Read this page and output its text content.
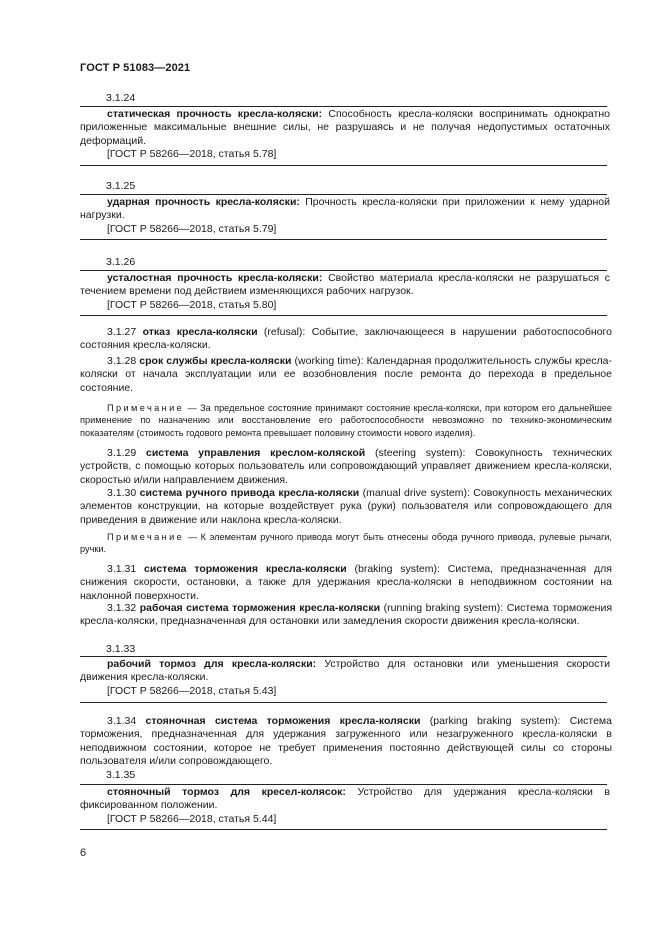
ГОСТ Р 51083—2021
3.1.24

статическая прочность кресла-коляски: Способность кресла-коляски воспринимать однократно приложенные максимальные внешние силы, не разрушаясь и не получая недопустимых остаточных деформаций.

[ГОСТ Р 58266—2018, статья 5.78]

3.1.25

ударная прочность кресла-коляски: Прочность кресла-коляски при приложении к нему ударной нагрузки.

[ГОСТ Р 58266—2018, статья 5.79]

3.1.26

усталостная прочность кресла-коляски: Свойство материала кресла-коляски не разрушаться с течением времени под действием изменяющихся рабочих нагрузок.

[ГОСТ Р 58266—2018, статья 5.80]

3.1.27 отказ кресла-коляски (refusal): Событие, заключающееся в нарушении работоспособного состояния кресла-коляски.

3.1.28 срок службы кресла-коляски (working time): Календарная продолжительность службы кресла-коляски от начала эксплуатации или ее возобновления после ремонта до перехода в предельное состояние.

Примечание — За предельное состояние принимают состояние кресла-коляски, при котором его дальнейшее применение по назначению или восстановление его работоспособности невозможно по технико-экономическим показателям (стоимость годового ремонта превышает половину стоимости нового изделия).

3.1.29 система управления креслом-коляской (steering system): Совокупность технических устройств, с помощью которых пользователь или сопровождающий управляет движением кресла-коляски, скоростью и/или направлением движения.

3.1.30 система ручного привода кресла-коляски (manual drive system): Совокупность механических элементов конструкции, на которые воздействует рука (руки) пользователя или сопровождающего для приведения в движение или наклона кресла-коляски.

Примечание — К элементам ручного привода могут быть отнесены обода ручного привода, рулевые рычаги, ручки.

3.1.31 система торможения кресла-коляски (braking system): Система, предназначенная для снижения скорости, остановки, а также для удержания кресла-коляски в неподвижном состоянии на наклонной поверхности.

3.1.32 рабочая система торможения кресла-коляски (running braking system): Система торможения кресла-коляски, предназначенная для остановки или замедления скорости движения кресла-коляски.

3.1.33

рабочий тормоз для кресла-коляски: Устройство для остановки или уменьшения скорости движения кресла-коляски.

[ГОСТ Р 58266—2018, статья 5.43]

3.1.34 стояночная система торможения кресла-коляски (parking braking system): Система торможения, предназначенная для удержания загруженного или незагруженного кресла-коляски в неподвижном состоянии, которое не требует применения постоянно действующей силы со стороны пользователя и/или сопровождающего.

3.1.35

стояночный тормоз для кресел-колясок: Устройство для удержания кресла-коляски в фиксированном положении.

[ГОСТ Р 58266—2018, статья 5.44]

6
